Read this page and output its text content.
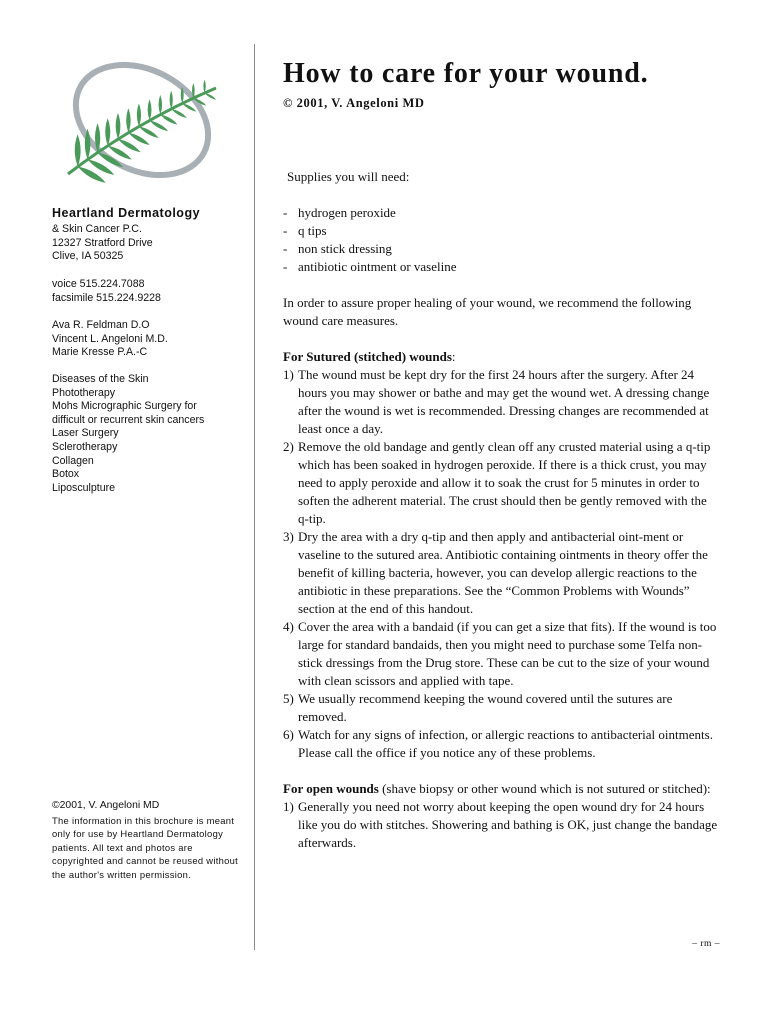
Heartland Dermatology
& Skin Cancer P.C.
12327 Stratford Drive
Clive, IA 50325
voice 515.224.7088
facsimile 515.224.9228
Ava R. Feldman D.O
Vincent L. Angeloni M.D.
Marie Kresse P.A.-C
Diseases of the Skin
Phototherapy
Mohs Micrographic Surgery for
difficult or recurrent skin cancers
Laser Surgery
Sclerotherapy
Collagen
Botox
Liposculpture
©2001, V. Angeloni MD
The information in this brochure is meant only for use by Heartland Dermatology patients. All text and photos are copyrighted and cannot be reused without the author's written permission.
How to care for your wound.
© 2001, V. Angeloni MD
Supplies you will need:
- hydrogen peroxide
- q tips
- non stick dressing
- antibiotic ointment or vaseline
In order to assure proper healing of your wound, we recommend the following wound care measures.
For Sutured (stitched) wounds:
1) The wound must be kept dry for the first 24 hours after the surgery. After 24 hours you may shower or bathe and may get the wound wet. A dressing change after the wound is wet is recommended. Dressing changes are recommended at least once a day.
2) Remove the old bandage and gently clean off any crusted material using a q-tip which has been soaked in hydrogen peroxide. If there is a thick crust, you may need to apply peroxide and allow it to soak the crust for 5 minutes in order to soften the adherent material. The crust should then be gently removed with the q-tip.
3) Dry the area with a dry q-tip and then apply and antibacterial oint-ment or vaseline to the sutured area. Antibiotic containing ointments in theory offer the benefit of killing bacteria, however, you can develop allergic reactions to the antibiotic in these preparations. See the “Common Problems with Wounds” section at the end of this handout.
4) Cover the area with a bandaid (if you can get a size that fits). If the wound is too large for standard bandaids, then you might need to purchase some Telfa non-stick dressings from the Drug store. These can be cut to the size of your wound with clean scissors and applied with tape.
5) We usually recommend keeping the wound covered until the sutures are removed.
6) Watch for any signs of infection, or allergic reactions to antibacterial ointments. Please call the office if you notice any of these problems.
For open wounds (shave biopsy or other wound which is not sutured or stitched):
1) Generally you need not worry about keeping the open wound dry for 24 hours like you do with stitches. Showering and bathing is OK, just change the bandage afterwards.
– rm –
